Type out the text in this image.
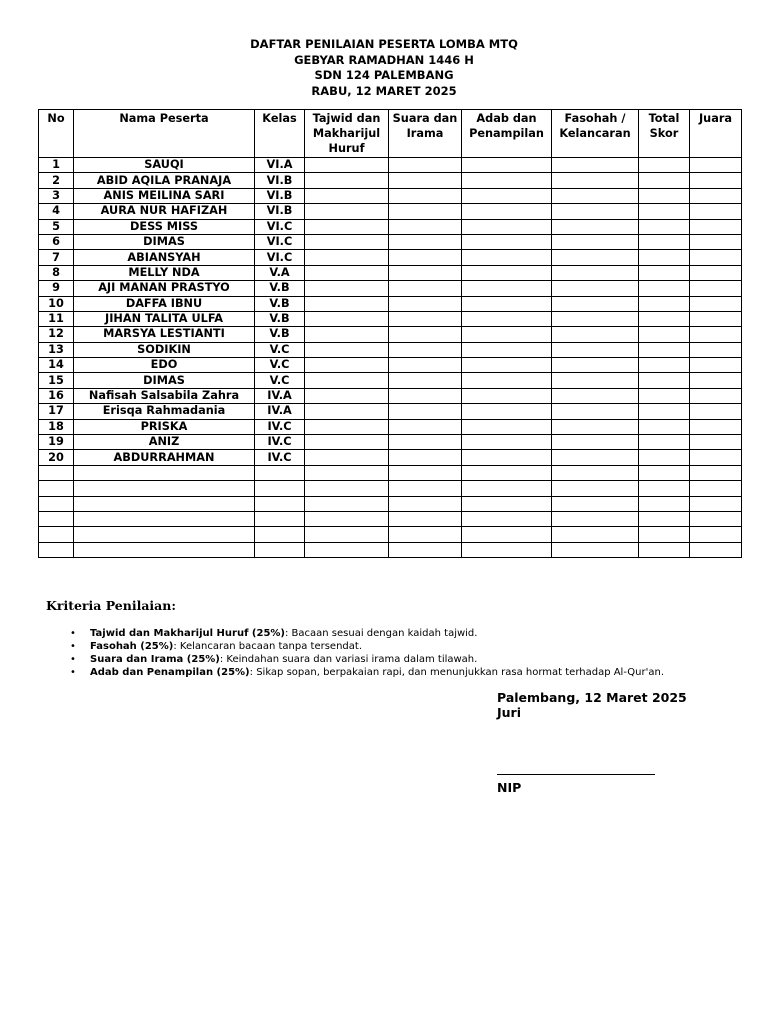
DAFTAR PENILAIAN PESERTA LOMBA MTQ
GEBYAR RAMADHAN 1446 H
SDN 124 PALEMBANG
RABU, 12 MARET 2025
No	Nama Peserta	Kelas	Tajwid dan Makharijul Huruf	Suara dan Irama	Adab dan Penampilan	Fasohah / Kelancaran	Total Skor	Juara
1	SAUQI	VI.A						
2	ABID AQILA PRANAJA	VI.B						
3	ANIS MEILINA SARI	VI.B						
4	AURA NUR HAFIZAH	VI.B						
5	DESS MISS	VI.C						
6	DIMAS	VI.C						
7	ABIANSYAH	VI.C						
8	MELLY NDA	V.A						
9	AJI MANAN PRASTYO	V.B						
10	DAFFA IBNU	V.B						
11	JIHAN TALITA ULFA	V.B						
12	MARSYA LESTIANTI	V.B						
13	SODIKIN	V.C						
14	EDO	V.C						
15	DIMAS	V.C						
16	Nafisah Salsabila Zahra	IV.A						
17	Erisqa Rahmadania	IV.A						
18	PRISKA	IV.C						
19	ANIZ	IV.C						
20	ABDURRAHMAN	IV.C						

Kriteria Penilaian:
• Tajwid dan Makharijul Huruf (25%): Bacaan sesuai dengan kaidah tajwid.
• Fasohah (25%): Kelancaran bacaan tanpa tersendat.
• Suara dan Irama (25%): Keindahan suara dan variasi irama dalam tilawah.
• Adab dan Penampilan (25%): Sikap sopan, berpakaian rapi, dan menunjukkan rasa hormat terhadap Al-Qur'an.
Palembang, 12 Maret 2025
Juri
NIP
